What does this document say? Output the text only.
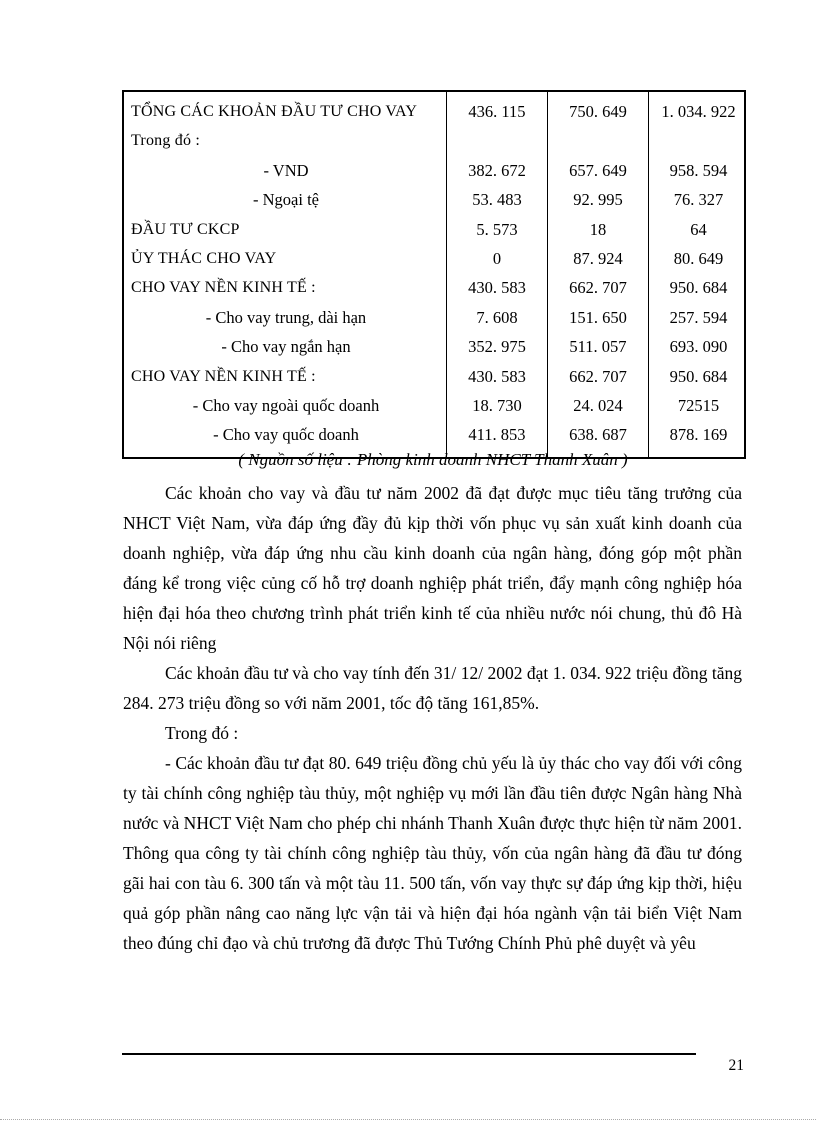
TỔNG CÁC KHOẢN ĐẦU TƯ CHO VAY
Trong đó :
- VND
- Ngoại tệ
ĐẦU TƯ CKCP
ỦY THÁC CHO VAY
CHO VAY NỀN KINH TẾ :
- Cho vay trung, dài hạn
- Cho vay ngắn hạn
CHO VAY NỀN KINH TẾ :
- Cho vay ngoài quốc doanh
- Cho vay quốc doanh
436. 115

382. 672
53. 483
5. 573
0
430. 583
7. 608
352. 975
430. 583
18. 730
411. 853
750. 649

657. 649
92. 995
18
87. 924
662. 707
151. 650
511. 057
662. 707
24. 024
638. 687
1. 034. 922

958. 594
76. 327
64
80. 649
950. 684
257. 594
693. 090
950. 684
72515
878. 169
( Nguồn số liệu : Phòng kinh doanh NHCT Thanh Xuân )

Các khoản cho vay và đầu tư năm 2002 đã đạt được mục tiêu tăng trưởng của NHCT Việt Nam, vừa đáp ứng đầy đủ kịp thời vốn phục vụ sản xuất kinh doanh của doanh nghiệp, vừa đáp ứng nhu cầu kinh doanh của ngân hàng, đóng góp một phần đáng kể trong việc củng cố hỗ trợ doanh nghiệp phát triển, đẩy mạnh công nghiệp hóa hiện đại hóa theo chương trình phát triển kinh tế của nhiều nước nói chung, thủ đô Hà Nội nói riêng

Các khoản đầu tư và cho vay tính đến 31/ 12/ 2002 đạt 1. 034. 922 triệu đồng tăng 284. 273 triệu đồng so với năm 2001, tốc độ tăng 161,85%.

Trong đó :

- Các khoản đầu tư đạt 80. 649 triệu đồng chủ yếu là ủy thác cho vay đối với công ty tài chính công nghiệp tàu thủy, một nghiệp vụ mới lần đầu tiên được Ngân hàng Nhà nước và NHCT Việt Nam cho phép chi nhánh Thanh Xuân được thực hiện từ năm 2001. Thông qua công ty tài chính công nghiệp tàu thủy, vốn của ngân hàng đã đầu tư đóng gãi hai con tàu 6. 300 tấn và một tàu 11. 500 tấn, vốn vay thực sự đáp ứng kịp thời, hiệu quả góp phần nâng cao năng lực vận tải và hiện đại hóa ngành vận tải biển Việt Nam theo đúng chỉ đạo và chủ trương đã được Thủ Tướng Chính Phủ phê duyệt và yêu

21
